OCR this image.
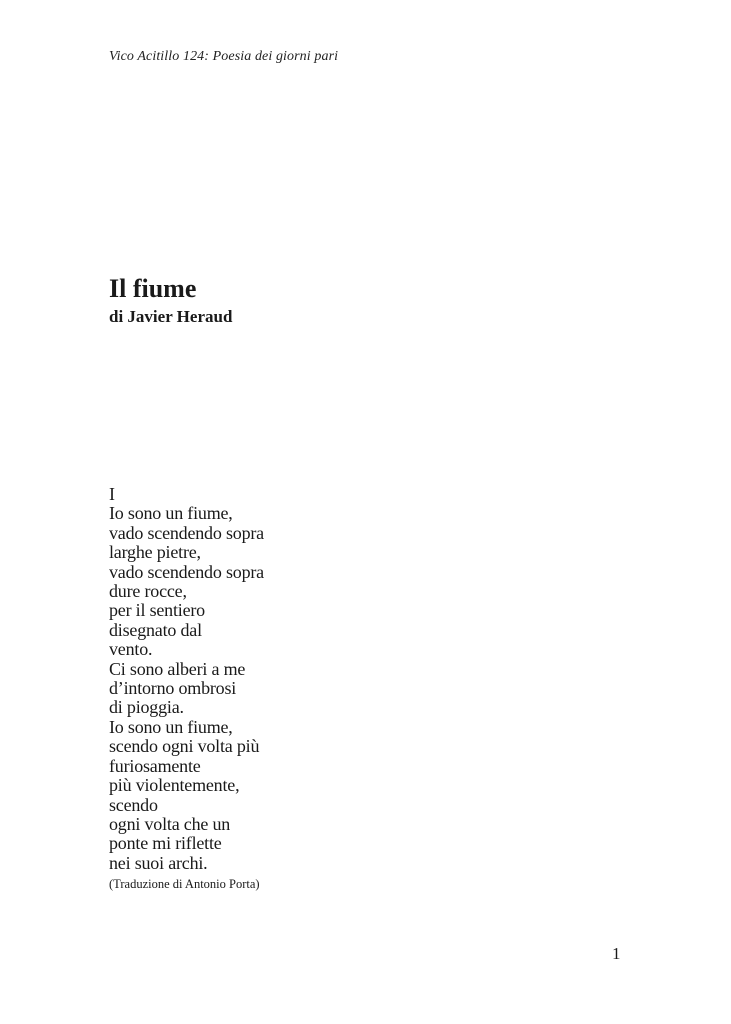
Vico Acitillo 124: Poesia dei giorni pari
Il fiume
di Javier Heraud
I
Io sono un fiume,
vado scendendo sopra
larghe pietre,
vado scendendo sopra
dure rocce,
per il sentiero
disegnato dal
vento.
Ci sono alberi a me
d’intorno ombrosi
di pioggia.
Io sono un fiume,
scendo ogni volta più
furiosamente
più violentemente,
scendo
ogni volta che un
ponte mi riflette
nei suoi archi.
(Traduzione di Antonio Porta)
1
